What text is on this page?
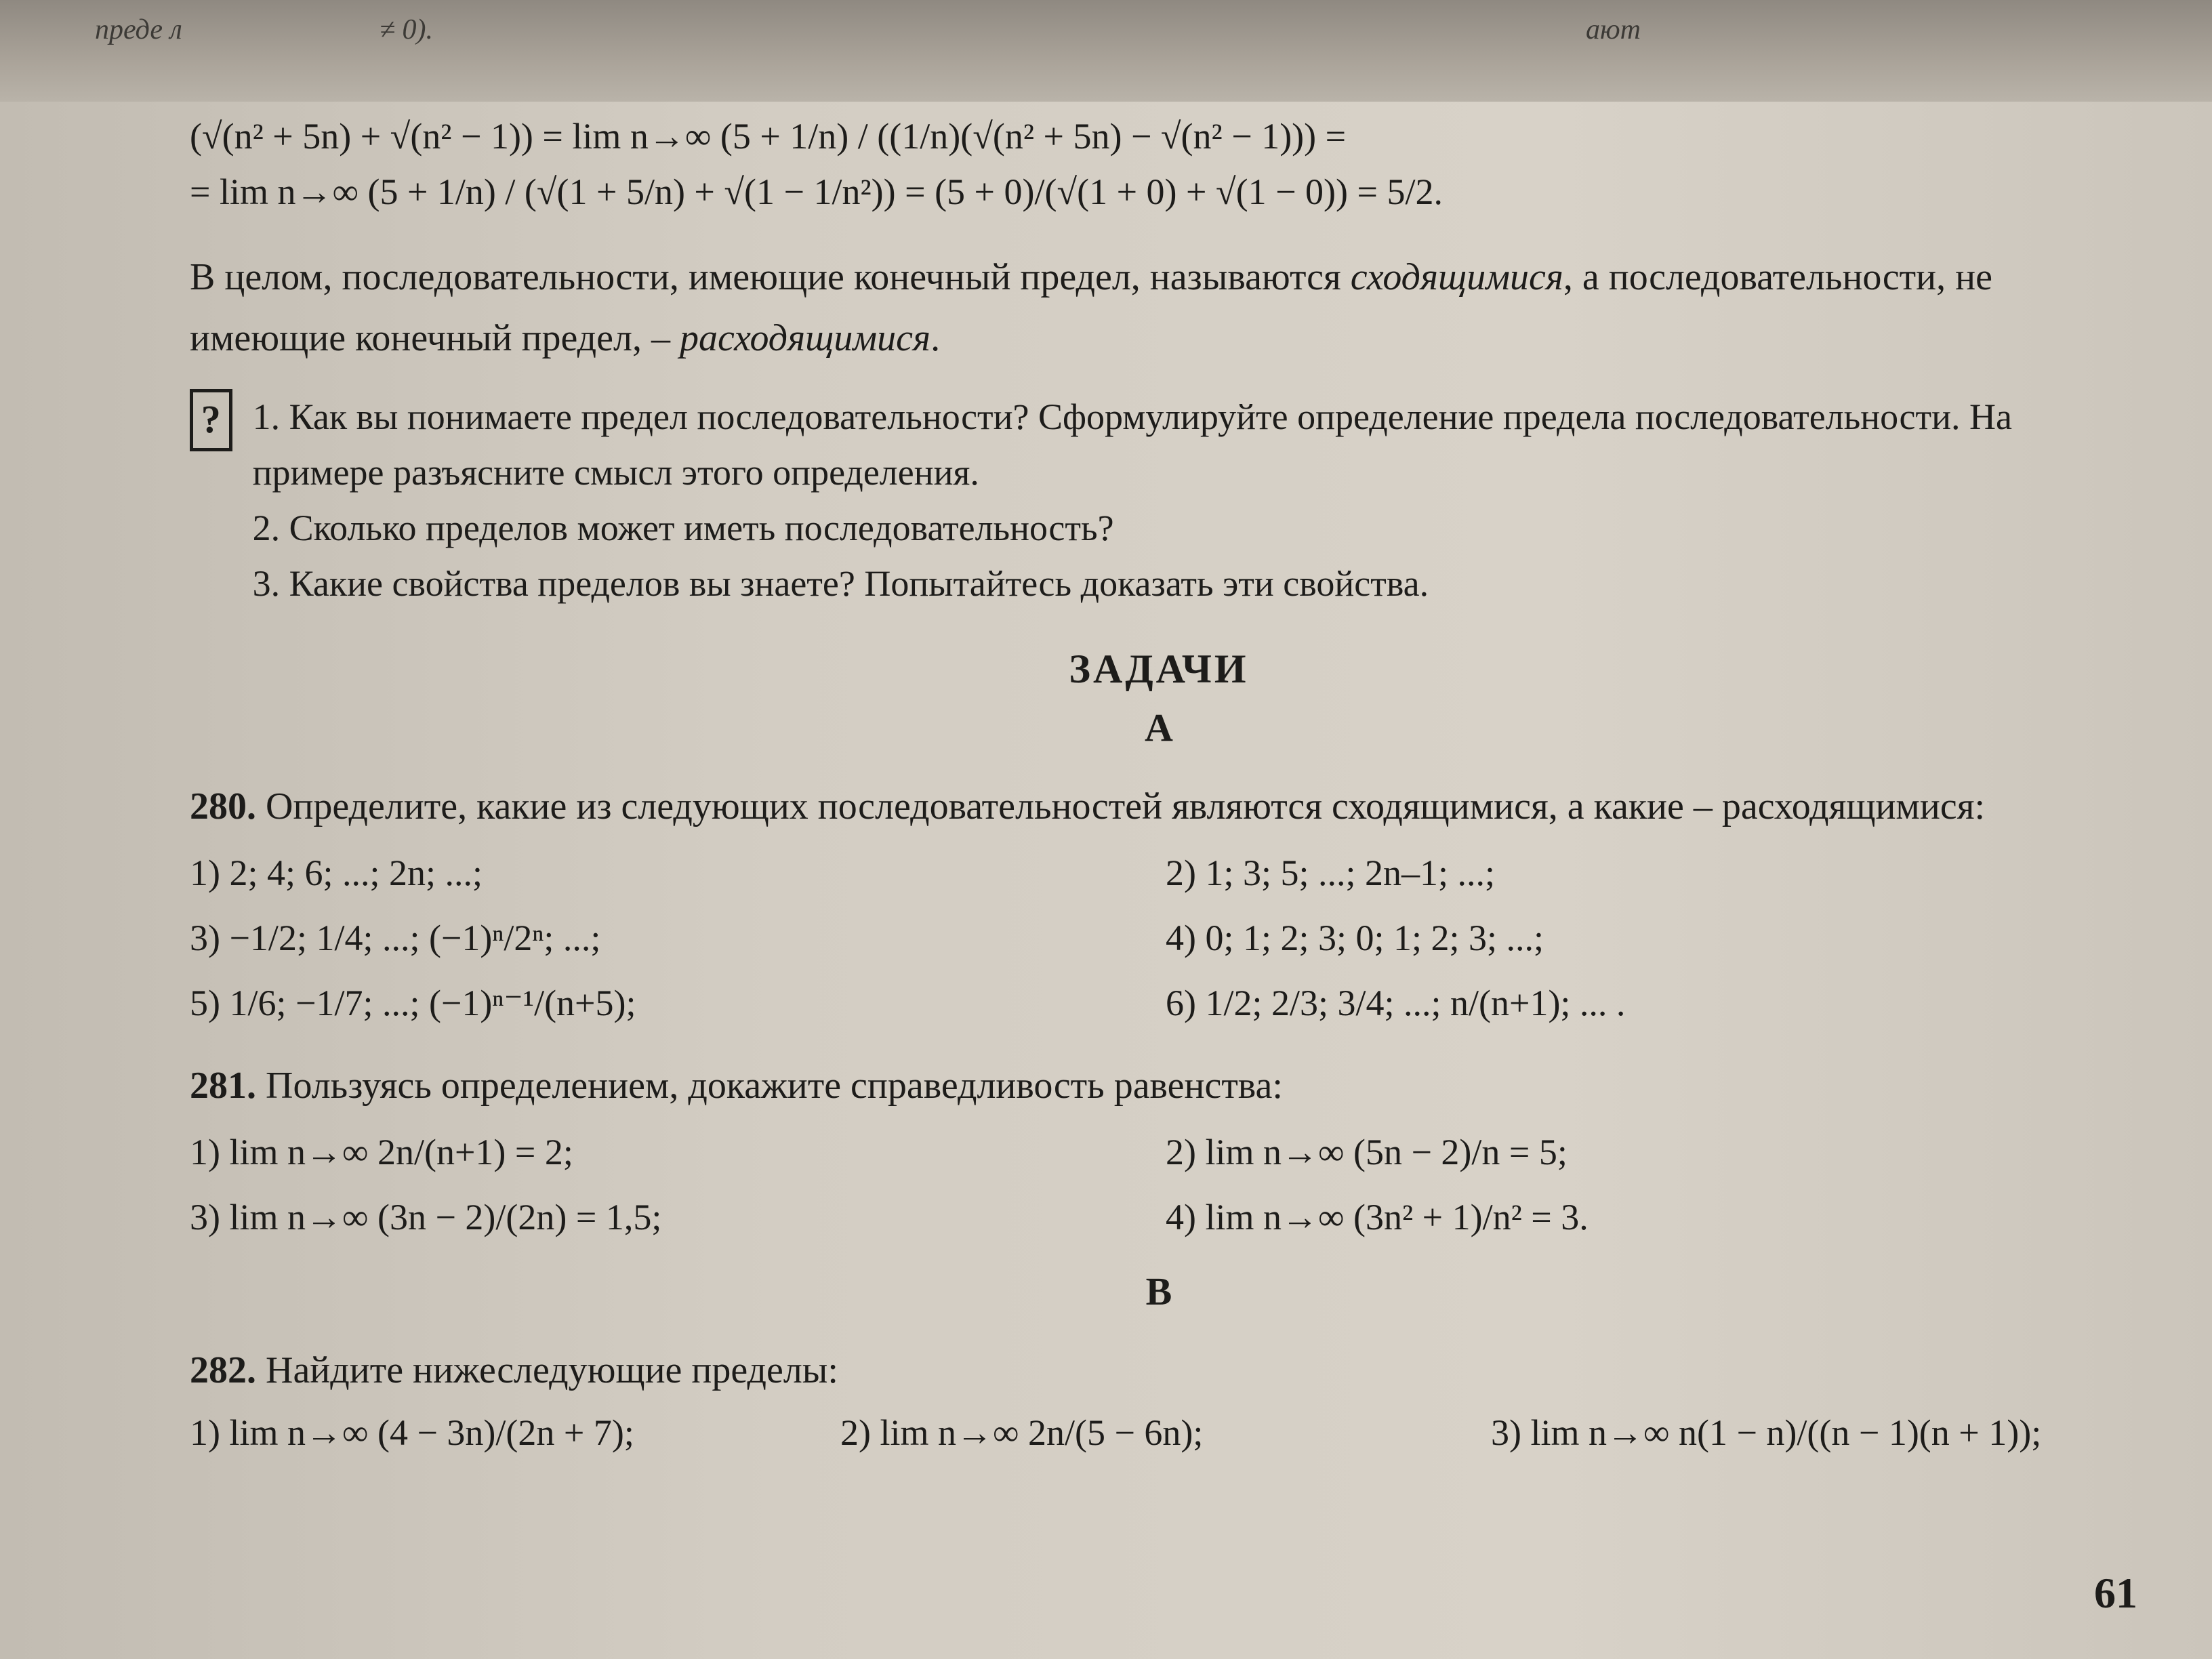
преде л	≠ 0).	ают
(√(n² + 5n) + √(n² − 1)) = lim n→∞ (5 + 1/n) / ((1/n)(√(n² + 5n) − √(n² − 1))) =
= lim n→∞ (5 + 1/n) / (√(1 + 5/n) + √(1 − 1/n²)) = (5 + 0)/(√(1 + 0) + √(1 − 0)) = 5/2.
В целом, последовательности, имеющие конечный предел, называются сходящимися, а последовательности, не имеющие конечный предел, – расходящимися.
? 1. Как вы понимаете предел последовательности? Сформулируйте определение предела последовательности. На примере разъясните смысл этого определения.
2. Сколько пределов может иметь последовательность?
3. Какие свойства пределов вы знаете? Попытайтесь доказать эти свойства.
ЗАДАЧИ
А
280. Определите, какие из следующих последовательностей являются сходящимися, а какие – расходящимися:
1) 2; 4; 6; ...; 2n; ...;	2) 1; 3; 5; ...; 2n–1; ...;
3) −1/2; 1/4; ...; (−1)ⁿ/2ⁿ; ...;	4) 0; 1; 2; 3; 0; 1; 2; 3; ...;
5) 1/6; −1/7; ...; (−1)ⁿ⁻¹/(n+5);	6) 1/2; 2/3; 3/4; ...; n/(n+1); ... .
281. Пользуясь определением, докажите справедливость равенства:
1) lim n→∞ 2n/(n+1) = 2;	2) lim n→∞ (5n − 2)/n = 5;
3) lim n→∞ (3n − 2)/(2n) = 1,5;	4) lim n→∞ (3n² + 1)/n² = 3.
B
282. Найдите нижеследующие пределы:
1) lim n→∞ (4 − 3n)/(2n + 7);	2) lim n→∞ 2n/(5 − 6n);	3) lim n→∞ n(1 − n)/((n − 1)(n + 1));
61
